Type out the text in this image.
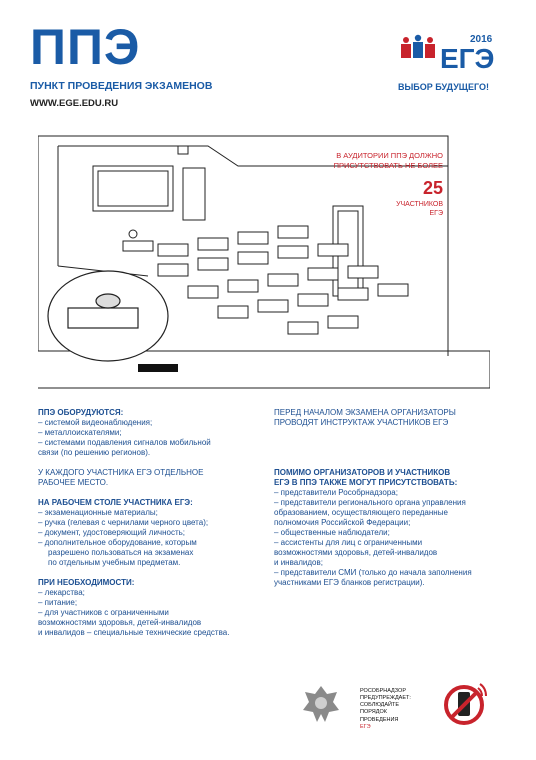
ППЭ
ПУНКТ ПРОВЕДЕНИЯ ЭКЗАМЕНОВ
WWW.EGE.EDU.RU
2016
ЕГЭ
ВЫБОР БУДУЩЕГО!
В АУДИТОРИИ ППЭ ДОЛЖНО
ПРИСУТСТВОВАТЬ НЕ БОЛЕЕ
25
УЧАСТНИКОВ
ЕГЭ
ППЭ ОБОРУДУЮТСЯ:
– системой видеонаблюдения;
– металлоискателями;
– системами подавления сигналов мобильной
связи (по решению регионов).
У КАЖДОГО УЧАСТНИКА ЕГЭ ОТДЕЛЬНОЕ
РАБОЧЕЕ МЕСТО.
НА РАБОЧЕМ СТОЛЕ УЧАСТНИКА ЕГЭ:
– экзаменационные материалы;
– ручка (гелевая с чернилами черного цвета);
– документ, удостоверяющий личность;
– дополнительное оборудование, которым
разрешено пользоваться на экзаменах
по отдельным учебным предметам.
ПРИ НЕОБХОДИМОСТИ:
– лекарства;
– питание;
– для участников с ограниченными
возможностями здоровья, детей-инвалидов
и инвалидов – специальные технические средства.
ПЕРЕД НАЧАЛОМ ЭКЗАМЕНА ОРГАНИЗАТОРЫ
ПРОВОДЯТ ИНСТРУКТАЖ УЧАСТНИКОВ ЕГЭ
ПОМИМО ОРГАНИЗАТОРОВ И УЧАСТНИКОВ
ЕГЭ В ППЭ ТАКЖЕ МОГУТ ПРИСУТСТВОВАТЬ:
– представители Рособрнадзора;
– представители регионального органа управления
образованием, осуществляющего переданные
полномочия Российской Федерации;
– общественные наблюдатели;
– ассистенты для лиц с ограниченными
возможностями здоровья, детей-инвалидов
и инвалидов;
– представители СМИ (только до начала заполнения
участниками ЕГЭ бланков регистрации).
РОСОБРНАДЗОР
ПРЕДУПРЕЖДАЕТ:
СОБЛЮДАЙТЕ
ПОРЯДОК
ПРОВЕДЕНИЯ
ЕГЭ
